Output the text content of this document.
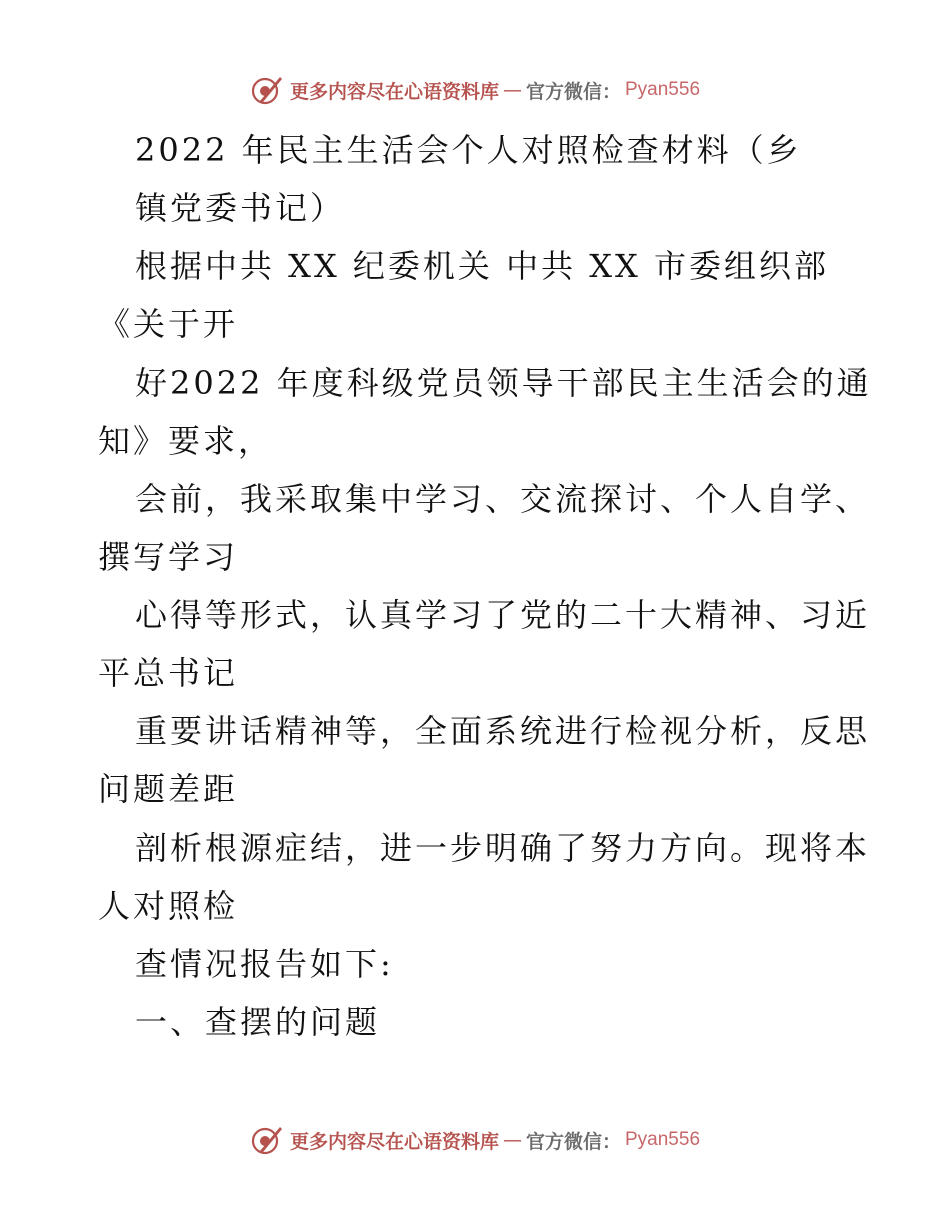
更多内容尽在心语资料库 — 官方微信： Pyan556
2022 年民主生活会个人对照检查材料（乡
镇党委书记）
根据中共 XX 纪委机关 中共 XX 市委组织部
《关于开
好2022 年度科级党员领导干部民主生活会的通
知》要求，
会前，我采取集中学习、交流探讨、个人自学、
撰写学习
心得等形式，认真学习了党的二十大精神、习近
平总书记
重要讲话精神等，全面系统进行检视分析，反思
问题差距
剖析根源症结，进一步明确了努力方向。现将本
人对照检
查情况报告如下:
一、查摆的问题
更多内容尽在心语资料库 — 官方微信： Pyan556
